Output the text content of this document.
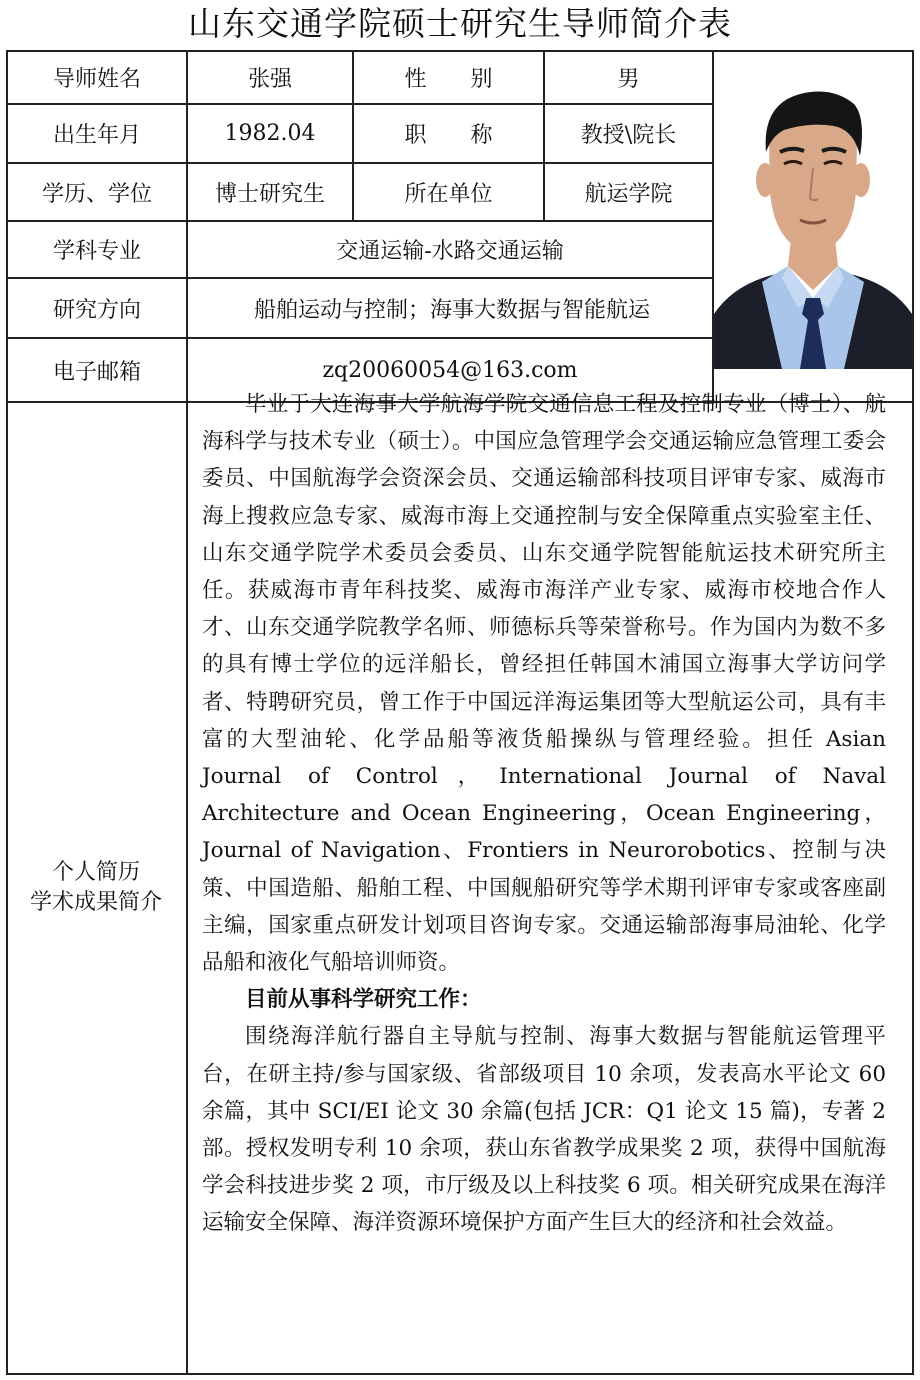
山东交通学院硕士研究生导师简介表
导师姓名	张强	性　　别	男
出生年月	1982.04	职　　称	教授\院长
学历、学位	博士研究生	所在单位	航运学院
学科专业	交通运输-水路交通运输
研究方向	船舶运动与控制；海事大数据与智能航运
电子邮箱	zq20060054@163.com
个人简历
学术成果简介

毕业于大连海事大学航海学院交通信息工程及控制专业（博士）、航海科学与技术专业（硕士）。中国应急管理学会交通运输应急管理工委会委员、中国航海学会资深会员、交通运输部科技项目评审专家、威海市海上搜救应急专家、威海市海上交通控制与安全保障重点实验室主任、山东交通学院学术委员会委员、山东交通学院智能航运技术研究所主任。获威海市青年科技奖、威海市海洋产业专家、威海市校地合作人才、山东交通学院教学名师、师德标兵等荣誉称号。作为国内为数不多的具有博士学位的远洋船长，曾经担任韩国木浦国立海事大学访问学者、特聘研究员，曾工作于中国远洋海运集团等大型航运公司，具有丰富的大型油轮、化学品船等液货船操纵与管理经验。担任 Asian Journal of Control，International Journal of Naval Architecture and Ocean Engineering，Ocean Engineering，Journal of Navigation、Frontiers in Neurorobotics、控制与决策、中国造船、船舶工程、中国舰船研究等学术期刊评审专家或客座副主编，国家重点研发计划项目咨询专家。交通运输部海事局油轮、化学品船和液化气船培训师资。

目前从事科学研究工作：

围绕海洋航行器自主导航与控制、海事大数据与智能航运管理平台，在研主持/参与国家级、省部级项目 10 余项，发表高水平论文 60 余篇，其中 SCI/EI 论文 30 余篇(包括 JCR：Q1 论文 15 篇)，专著 2 部。授权发明专利 10 余项，获山东省教学成果奖 2 项，获得中国航海学会科技进步奖 2 项，市厅级及以上科技奖 6 项。相关研究成果在海洋运输安全保障、海洋资源环境保护方面产生巨大的经济和社会效益。
